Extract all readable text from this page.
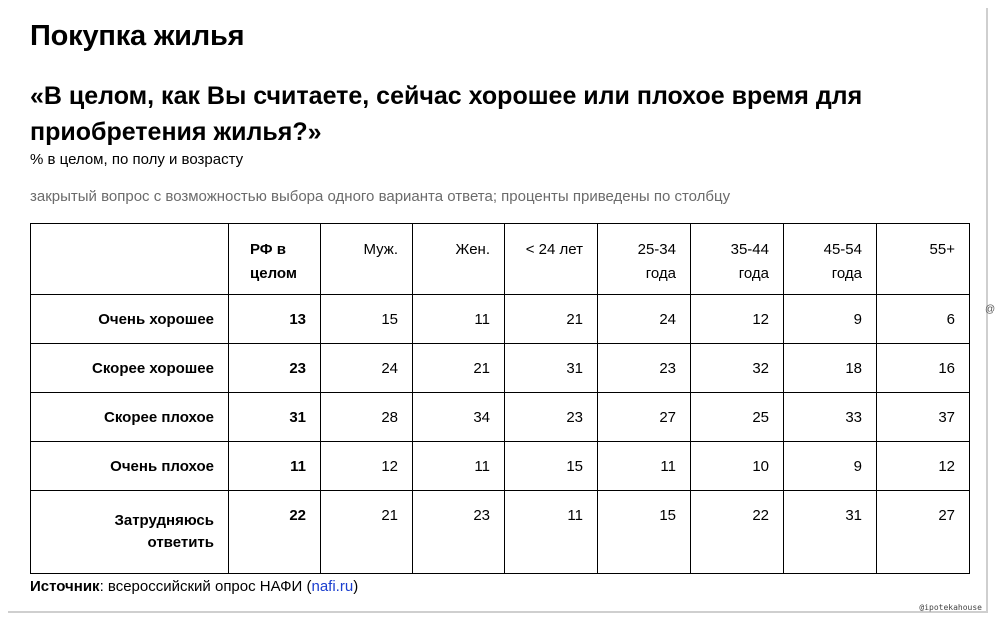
Покупка жилья
«В целом, как Вы считаете, сейчас хорошее или плохое время для приобретения жилья?»
% в целом, по полу и возрасту
закрытый вопрос с возможностью выбора одного варианта ответа; проценты приведены по столбцу
	РФ в целом	Муж.	Жен.	< 24 лет	25-34 года	35-44 года	45-54 года	55+
Очень хорошее	13	15	11	21	24	12	9	6
Скорее хорошее	23	24	21	31	23	32	18	16
Скорее плохое	31	28	34	23	27	25	33	37
Очень плохое	11	12	11	15	11	10	9	12
Затрудняюсь ответить	22	21	23	11	15	22	31	27
Источник: всероссийский опрос НАФИ (nafi.ru)
@
@ipotekahouse
